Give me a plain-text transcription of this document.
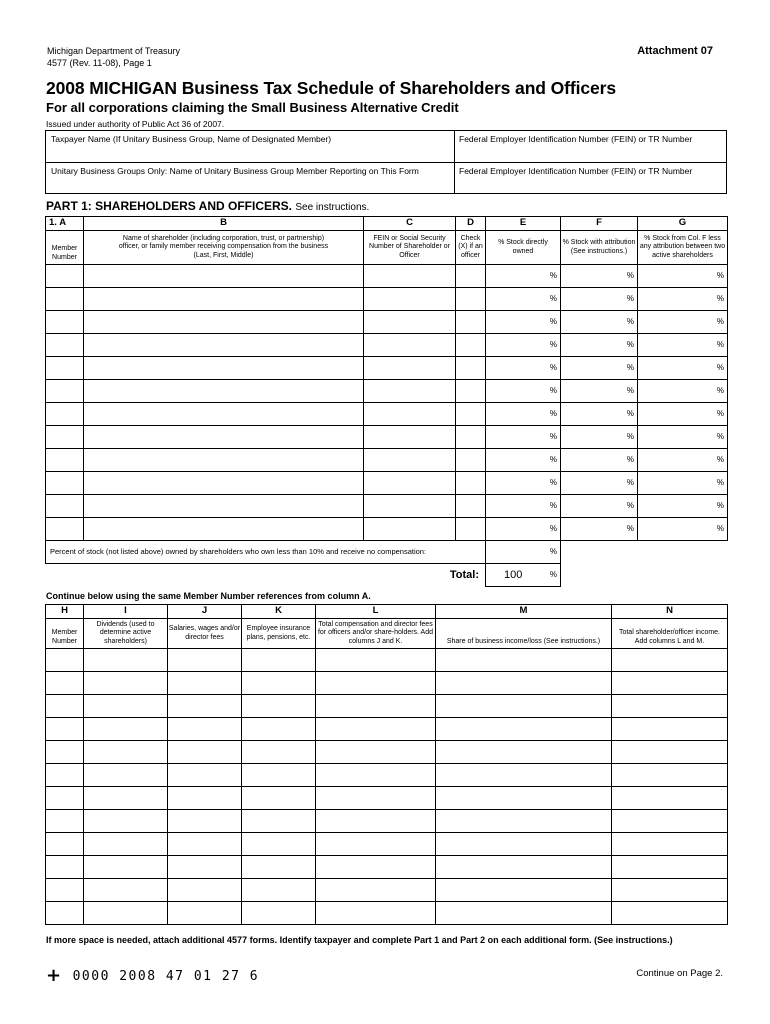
Michigan Department of Treasury
4577 (Rev. 11-08), Page 1
Attachment 07
2008 MICHIGAN Business Tax Schedule of Shareholders and Officers
For all corporations claiming the Small Business Alternative Credit
Issued under authority of Public Act 36 of 2007.
Taxpayer Name (If Unitary Business Group, Name of Designated Member)	Federal Employer Identification Number (FEIN) or TR Number
Unitary Business Groups Only: Name of Unitary Business Group Member Reporting on This Form	Federal Employer Identification Number (FEIN) or TR Number
PART 1: SHAREHOLDERS AND OFFICERS. See instructions.
1. A	B	C	D	E	F	G
Member Number	Name of shareholder (including corporation, trust, or partnership) officer, or family member receiving compensation from the business (Last, First, Middle)	FEIN or Social Security Number of Shareholder or Officer	Check (X) if an officer	% Stock directly owned	% Stock with attribution (See instructions.)	% Stock from Col. F less any attribution between two active shareholders

				%	%	%

				%	%	%

				%	%	%

				%	%	%

				%	%	%

				%	%	%

				%	%	%

				%	%	%

				%	%	%

				%	%	%

				%	%	%

				%	%	%

Percent of stock (not listed above) owned by shareholders who own less than 10% and receive no compensation:				%		

Total:				100 %		

Continue below using the same Member Number references from column A.
H	I	J	K	L	M	N
Member Number	Dividends (used to determine active shareholders)	Salaries, wages and/or director fees	Employee insurance plans, pensions, etc.	Total compensation and director fees for officers and/or share-holders. Add columns J and K.	Share of business income/loss (See instructions.)	Total shareholder/officer income. Add columns L and M.

If more space is needed, attach additional 4577 forms. Identify taxpayer and complete Part 1 and Part 2 on each additional form. (See instructions.)
+ 0000 2008 47 01 27 6	Continue on Page 2.
